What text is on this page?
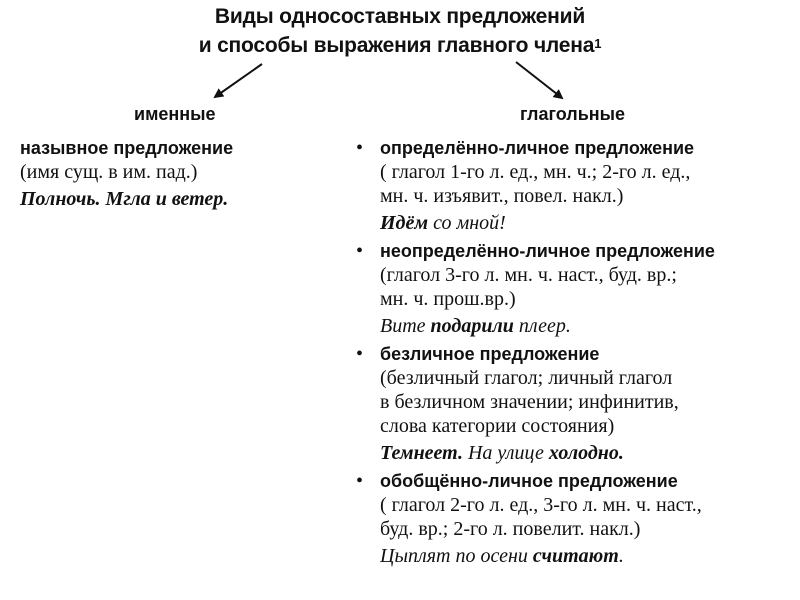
Виды односоставных предложений
и способы выражения главного члена$^1$
именные	глагольные
назывное предложение
(имя сущ. в им. пад.)
Полночь. Мгла и ветер.
• определённо-личное предложение
( глагол 1-го л. ед., мн. ч.; 2-го л. ед.,
мн. ч. изъявит., повел. накл.)
Идём со мной!
• неопределённо-личное предложение
(глагол 3-го л. мн. ч. наст., буд. вр.;
мн. ч. прош.вр.)
Вите подарили плеер.
• безличное предложение
(безличный глагол; личный глагол
в безличном значении; инфинитив,
слова категории состояния)
Темнеет. На улице холодно.
• обобщённо-личное предложение
( глагол 2-го л. ед., 3-го л. мн. ч. наст.,
буд. вр.; 2-го л. повелит. накл.)
Цыплят по осени считают.
